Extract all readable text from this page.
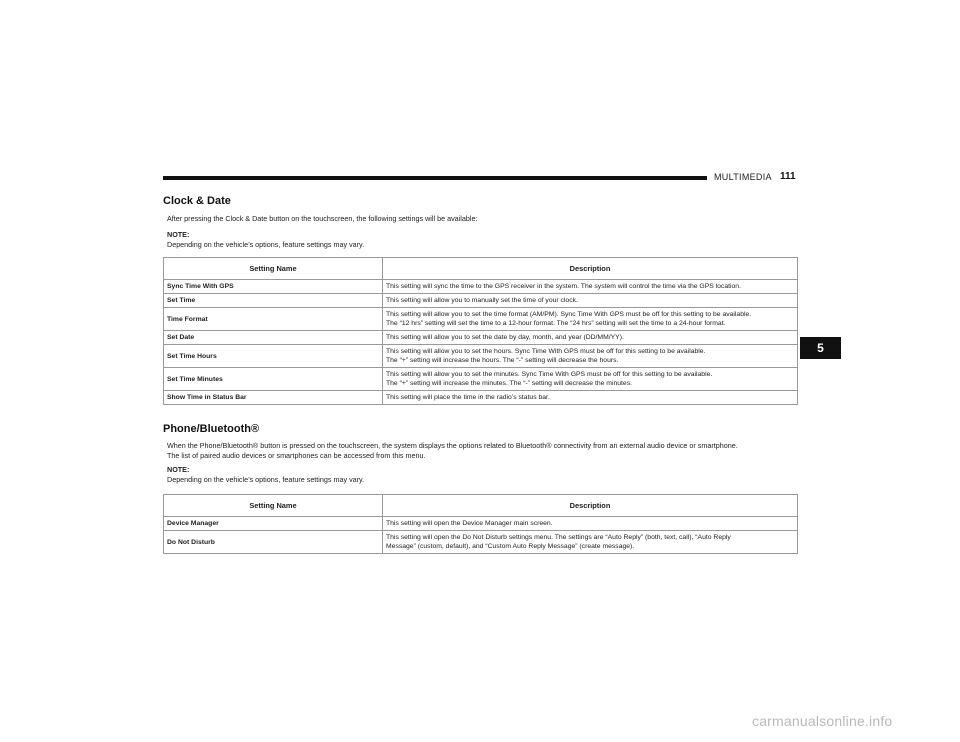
MULTIMEDIA 111
5
Clock & Date

After pressing the Clock & Date button on the touchscreen, the following settings will be available:

NOTE:
Depending on the vehicle’s options, feature settings may vary.

Setting Name	Description
Sync Time With GPS	This setting will sync the time to the GPS receiver in the system. The system will control the time via the GPS location.

Set Time	This setting will allow you to manually set the time of your clock.

Time Format	This setting will allow you to set the time format (AM/PM). Sync Time With GPS must be off for this setting to be available.
The “12 hrs” setting will set the time to a 12-hour format. The “24 hrs” setting will set the time to a 24-hour format.

Set Date	This setting will allow you to set the date by day, month, and year (DD/MM/YY).

Set Time Hours	This setting will allow you to set the hours. Sync Time With GPS must be off for this setting to be available.
The “+” setting will increase the hours. The “-” setting will decrease the hours.

Set Time Minutes	This setting will allow you to set the minutes. Sync Time With GPS must be off for this setting to be available.
The “+” setting will increase the minutes. The “-” setting will decrease the minutes.

Show Time in Status Bar	This setting will place the time in the radio’s status bar.
Phone/Bluetooth®

When the Phone/Bluetooth® button is pressed on the touchscreen, the system displays the options related to Bluetooth® connectivity from an external audio device or smartphone.
The list of paired audio devices or smartphones can be accessed from this menu.

NOTE:
Depending on the vehicle’s options, feature settings may vary.

Setting Name	Description
Device Manager	This setting will open the Device Manager main screen.

Do Not Disturb	This setting will open the Do Not Disturb settings menu. The settings are “Auto Reply” (both, text, call), “Auto Reply
Message” (custom, default), and “Custom Auto Reply Message” (create message).
carmanualsonline.info
